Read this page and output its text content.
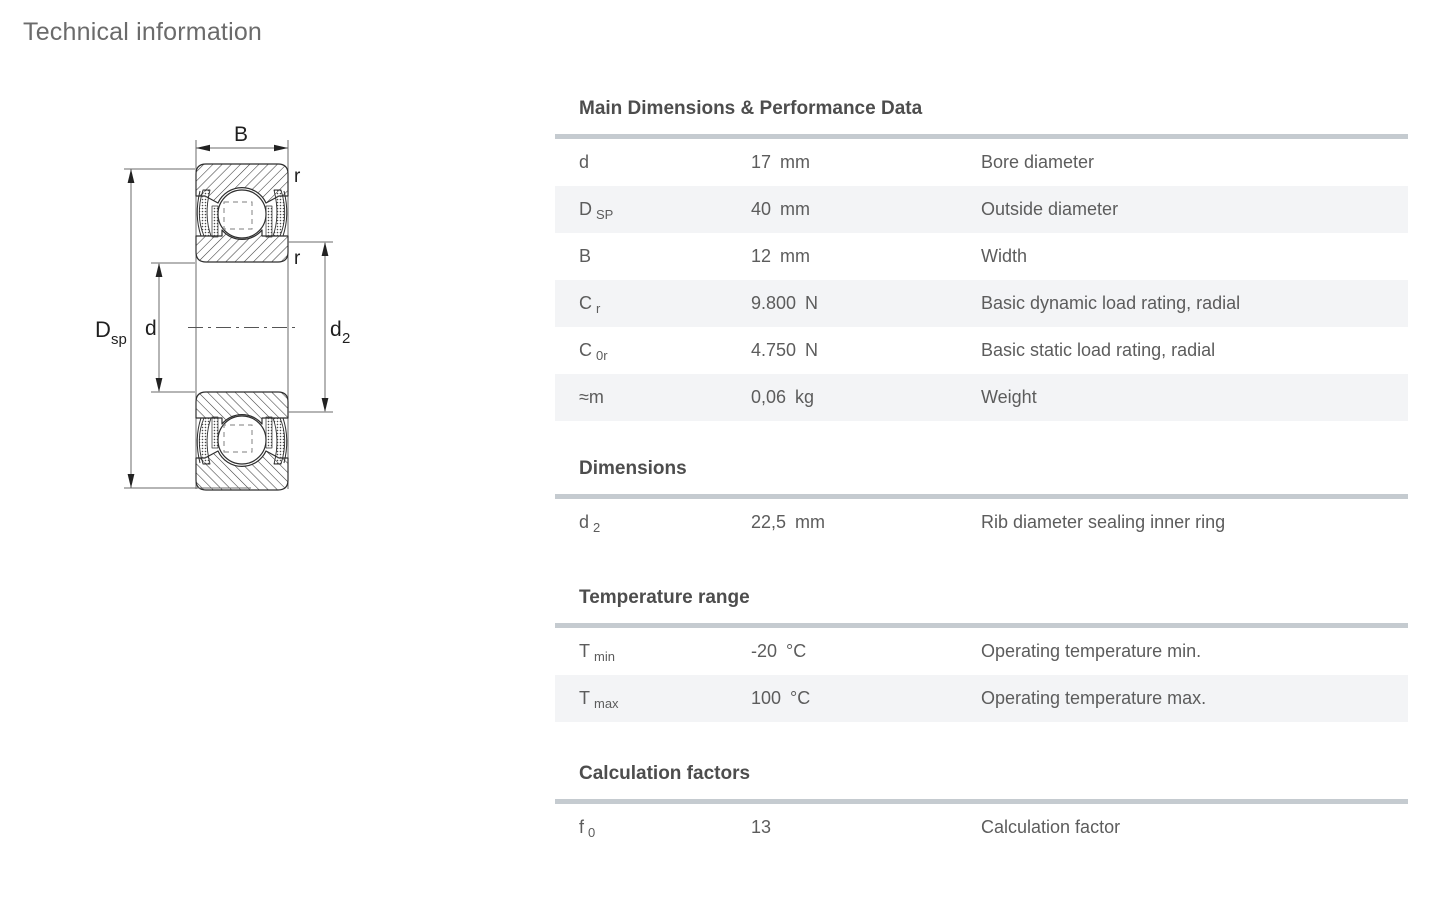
Technical information
B
D sp d	d 2
r
r
Main Dimensions & Performance Data
d	17 mm	Bore diameter
D $_{SP}$	40 mm	Outside diameter
B	12 mm	Width
C $_r$	9.800 N	Basic dynamic load rating, radial
C $_{0r}$	4.750 N	Basic static load rating, radial
≈m	0,06 kg	Weight
Dimensions
d $_2$	22,5 mm	Rib diameter sealing inner ring
Temperature range
T $_{min}$	-20 °C	Operating temperature min.
T $_{max}$	100 °C	Operating temperature max.
Calculation factors
f $_0$	13	Calculation factor
